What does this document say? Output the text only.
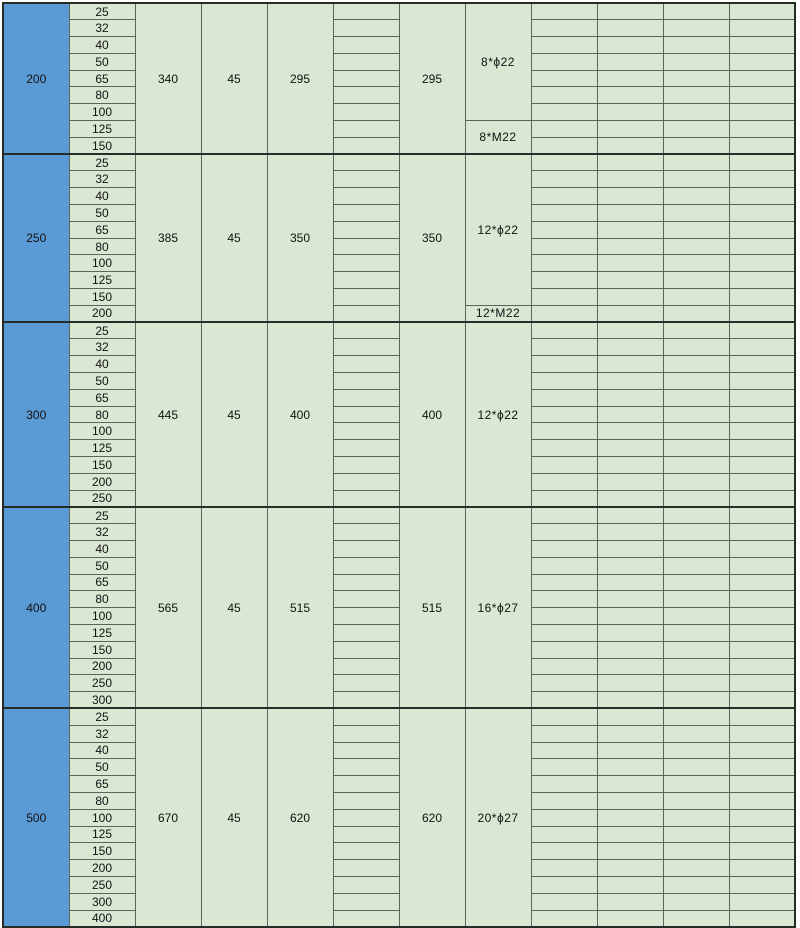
200	25	340	45	295		295	8*ϕ22				
	32										
	40										
	50										
	65										
	80										
	100										
	125						8*M22				
	150										
250	25	385	45	350		350	12*ϕ22				
	32										
	40										
	50										
	65										
	80										
	100										
	125										
	150										
	200						12*M22				
300	25	445	45	400		400	12*ϕ22				
	32										
	40										
	50										
	65										
	80										
	100										
	125										
	150										
	200										
	250										
400	25	565	45	515		515	16*ϕ27				
	32										
	40										
	50										
	65										
	80										
	100										
	125										
	150										
	200										
	250										
	300										
500	25	670	45	620		620	20*ϕ27				
	32										
	40										
	50										
	65										
	80										
	100										
	125										
	150										
	200										
	250										
	300										
	400										
